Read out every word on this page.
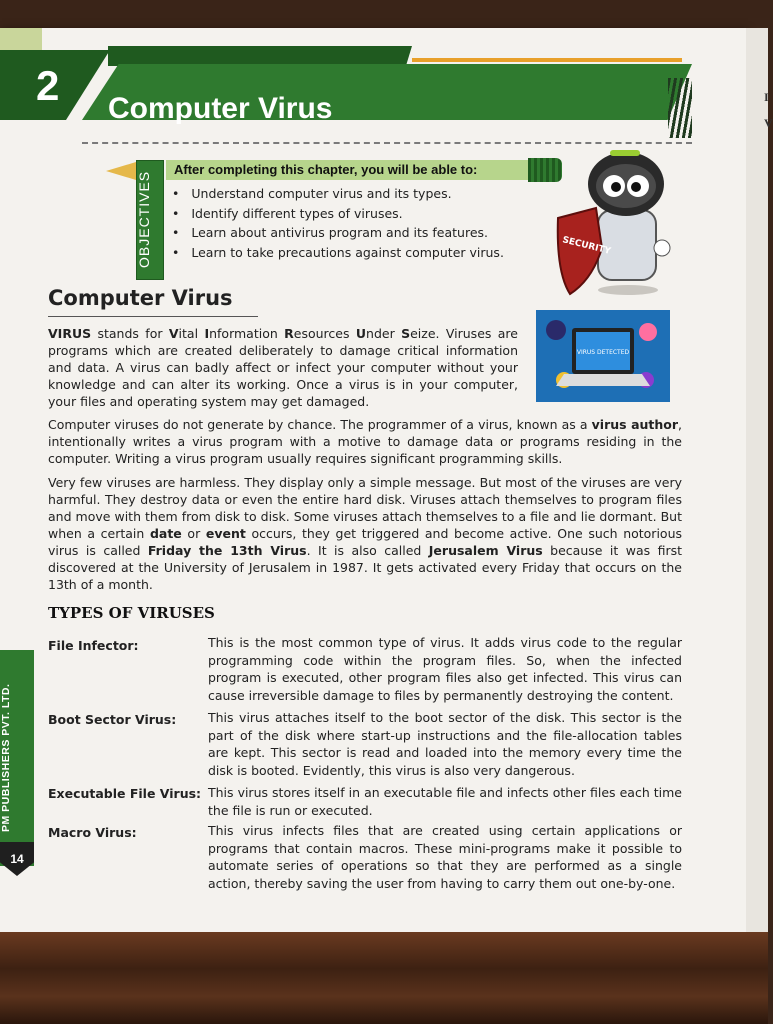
I
V
2 Computer Virus
OBJECTIVES
After completing this chapter, you will be able to:
• Understand computer virus and its types.
• Identify different types of viruses.
• Learn about antivirus program and its features.
• Learn to take precautions against computer virus.	SECURITY
Computer Virus
VIRUS DETECTED

VIRUS stands for Vital Information Resources Under Seize. Viruses are programs which are created deliberately to damage critical information and data. A virus can badly affect or infect your computer without your knowledge and can alter its working. Once a virus is in your computer, your files and operating system may get damaged.

Computer viruses do not generate by chance. The programmer of a virus, known as a virus author, intentionally writes a virus program with a motive to damage data or programs residing in the computer. Writing a virus program usually requires significant programming skills.

Very few viruses are harmless. They display only a simple message. But most of the viruses are very harmful. They destroy data or even the entire hard disk. Viruses attach themselves to program files and move with them from disk to disk. Some viruses attach themselves to a file and lie dormant. But when a certain date or event occurs, they get triggered and become active. One such notorious virus is called Friday the 13th Virus. It is also called Jerusalem Virus because it was first discovered at the University of Jerusalem in 1987. It gets activated every Friday that occurs on the 13th of a month.

TYPES OF VIRUSES
File Infector:	This is the most common type of virus. It adds virus code to the regular programming code within the program files. So, when the infected program is executed, other program files also get infected. This virus can cause irreversible damage to files by permanently destroying the content.

Boot Sector Virus:	This virus attaches itself to the boot sector of the disk. This sector is the part of the disk where start-up instructions and the file-allocation tables are kept. This sector is read and loaded into the memory every time the disk is booted. Evidently, this virus is also very dangerous.

Executable File Virus: This virus stores itself in an executable file and infects other files each time the file is run or executed.

Macro Virus:	This virus infects files that are created using certain applications or programs that contain macros. These mini-programs make it possible to automate series of operations so that they are performed as a single action, thereby saving the user from having to carry them out one-by-one.

PM PUBLISHERS PVT. LTD.
14
